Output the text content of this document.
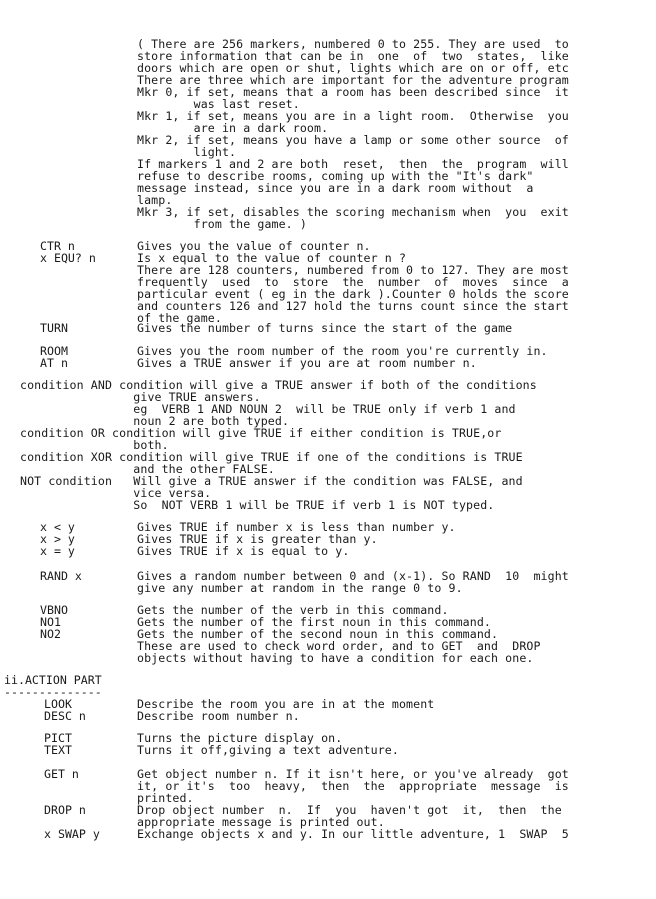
( There are 256 markers, numbered 0 to 255. They are used  to
store information that can be in  one  of  two  states,  like
doors which are open or shut, lights which are on or off, etc
There are three which are important for the adventure program
Mkr 0, if set, means that a room has been described since  it
was last reset.
Mkr 1, if set, means you are in a light room.  Otherwise  you
are in a dark room.
Mkr 2, if set, means you have a lamp or some other source  of
light.
If markers 1 and 2 are both  reset,  then  the  program  will
refuse to describe rooms, coming up with the "It's dark"
message instead, since you are in a dark room without  a
lamp.
Mkr 3, if set, disables the scoring mechanism when  you  exit
from the game. )
CTR n	Gives you the value of counter n.
x EQU? n	Is x equal to the value of counter n ?
There are 128 counters, numbered from 0 to 127. They are most
frequently  used  to  store  the  number  of  moves  since  a
particular event ( eg in the dark ).Counter 0 holds the score
and counters 126 and 127 hold the turns count since the start
of the game.
TURN	Gives the number of turns since the start of the game
ROOM	Gives you the room number of the room you're currently in.
AT n	Gives a TRUE answer if you are at room number n.
condition AND condition will give a TRUE answer if both of the conditions
give TRUE answers.
eg  VERB 1 AND NOUN 2  will be TRUE only if verb 1 and
noun 2 are both typed.
condition OR condition will give TRUE if either condition is TRUE,or
both.
condition XOR condition will give TRUE if one of the conditions is TRUE
and the other FALSE.
NOT condition   Will give a TRUE answer if the condition was FALSE, and
vice versa.
So  NOT VERB 1 will be TRUE if verb 1 is NOT typed.
x < y	Gives TRUE if number x is less than number y.
x > y	Gives TRUE if x is greater than y.
x = y	Gives TRUE if x is equal to y.
RAND x	Gives a random number between 0 and (x-1). So RAND  10  might
give any number at random in the range 0 to 9.
VBNO	Gets the number of the verb in this command.
NO1	Gets the number of the first noun in this command.
NO2	Gets the number of the second noun in this command.
These are used to check word order, and to GET  and  DROP
objects without having to have a condition for each one.
ii.ACTION PART
--------------
LOOK	Describe the room you are in at the moment
DESC n	Describe room number n.
PICT	Turns the picture display on.
TEXT	Turns it off,giving a text adventure.
GET n	Get object number n. If it isn't here, or you've already  got
it, or it's  too  heavy,  then  the  appropriate  message  is
printed.
DROP n	Drop object number  n.  If  you  haven't got  it,  then  the
appropriate message is printed out.
x SWAP y	Exchange objects x and y. In our little adventure, 1  SWAP  5
